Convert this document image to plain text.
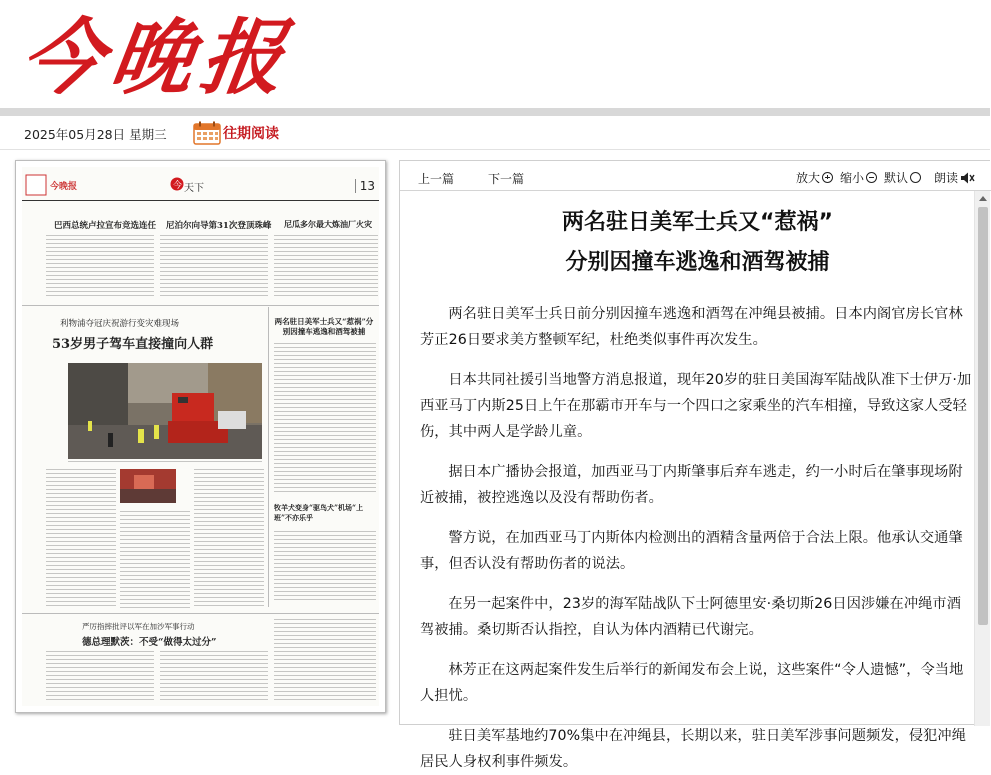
今晚报
2025年05月28日 星期三	往期阅读
今晚报	今 天下	13
巴西总统卢拉宣布竞选连任 尼泊尔向导第31次登顶珠峰 尼瓜多尔最大炼油厂火灾
利物浦夺冠庆祝游行变灾难现场
53岁男子驾车直接撞向人群
两名驻日美军士兵又“惹祸”分别因撞车逃逸和酒驾被捕
牧羊犬变身“驱鸟犬”机场“上班”不亦乐乎
严厉指摔批评以军在加沙军事行动
德总理默茨：不受“做得太过分”
上一篇	下一篇	放大 缩小 默认 朗读
两名驻日美军士兵又“惹祸”
分别因撞车逃逸和酒驾被捕

两名驻日美军士兵日前分别因撞车逃逸和酒驾在冲绳县被捕。日本内阁官房长官林芳正26日要求美方整顿军纪，杜绝类似事件再次发生。

日本共同社援引当地警方消息报道，现年20岁的驻日美国海军陆战队准下士伊万·加西亚马丁内斯25日上午在那霸市开车与一个四口之家乘坐的汽车相撞，导致这家人受轻伤，其中两人是学龄儿童。

据日本广播协会报道，加西亚马丁内斯肇事后弃车逃走，约一小时后在肇事现场附近被捕，被控逃逸以及没有帮助伤者。

警方说，在加西亚马丁内斯体内检测出的酒精含量两倍于合法上限。他承认交通肇事，但否认没有帮助伤者的说法。

在另一起案件中，23岁的海军陆战队下士阿德里安·桑切斯26日因涉嫌在冲绳市酒驾被捕。桑切斯否认指控，自认为体内酒精已代谢完。

林芳正在这两起案件发生后举行的新闻发布会上说，这些案件“令人遗憾”，令当地人担忧。

驻日美军基地约70%集中在冲绳县，长期以来，驻日美军涉事问题频发，侵犯冲绳居民人身权利事件频发。
